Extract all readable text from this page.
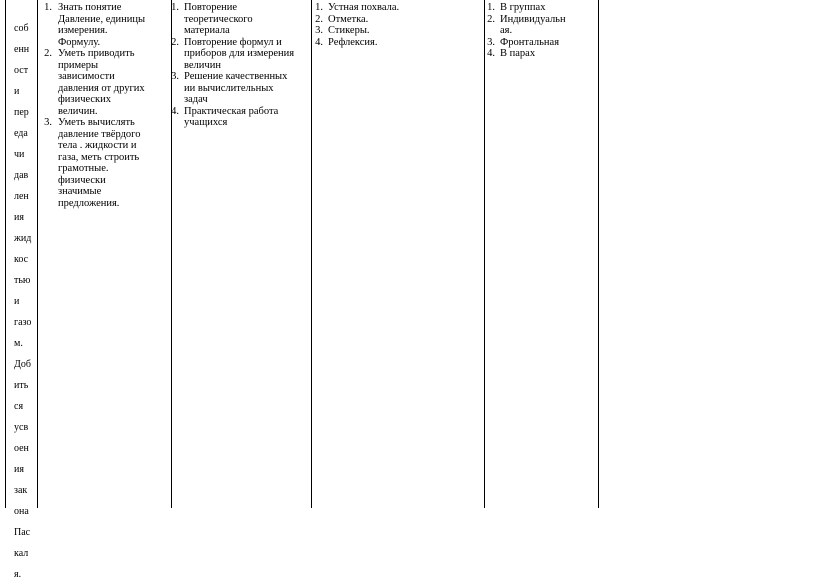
соб
енн
ост
и
пер
еда
чи
дав
лен
ия
жид
кос
тью
и
газо
м.
Доб
ить
ся
усв
оен
ия
зак
она
Пас
кал
я.
1. Знать понятие
Давление, единицы
измерения.
Формулу.
2. Уметь приводить
примеры
зависимости
давления от других
физических
величин.
3. Уметь вычислять
давление твёрдого
тела . жидкости и
газа, меть строить
грамотные.
физически
значимые
предложения.
1. Повторение
теоретического
материала
2. Повторение формул и
приборов для измерения
величин
3. Решение качественных
ии вычислительных
задач
4. Практическая работа
учащихся
1. Устная похвала.
2. Отметка.
3. Стикеры.
4. Рефлексия.
1. В группах
2. Индивидуальн
ая.
3. Фронтальная
4. В парах
